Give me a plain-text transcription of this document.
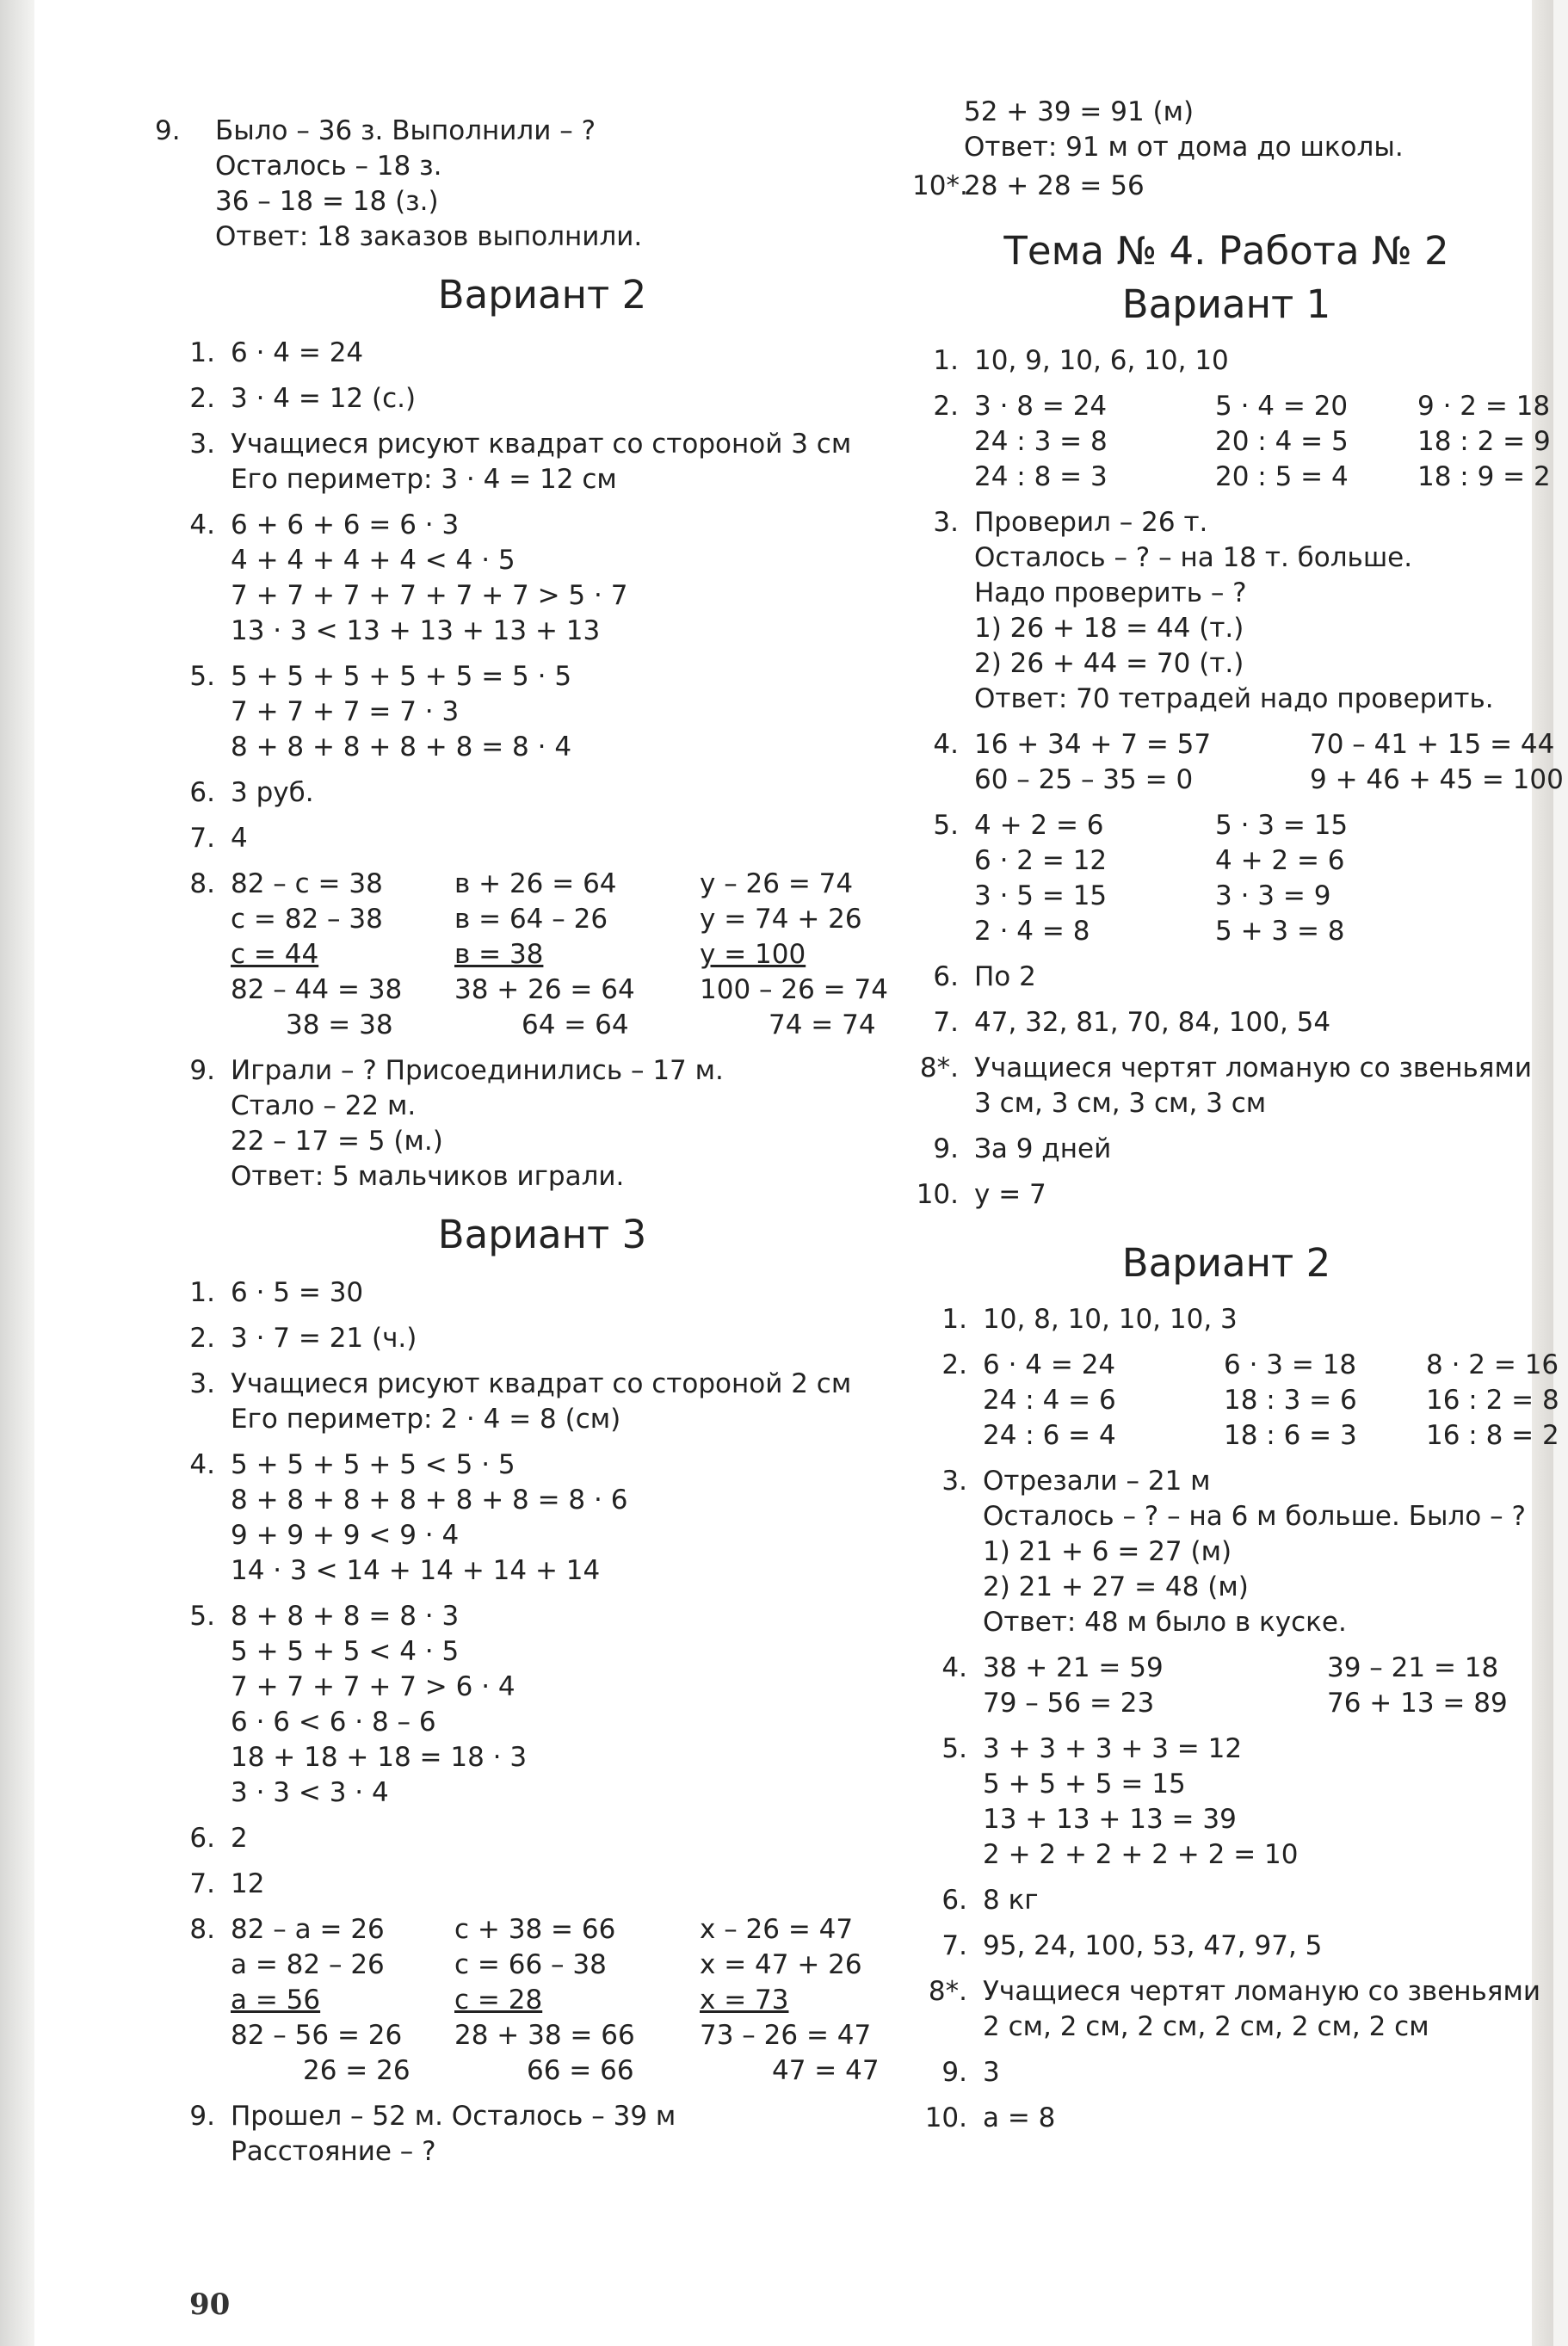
9.	Было – 36 з. Выполнили – ?
Осталось – 18 з.
36 – 18 = 18 (з.)
Ответ: 18 заказов выполнили.
Вариант 2
1. 6 · 4 = 24
2. 3 · 4 = 12 (с.)
3. Учащиеся рисуют квадрат со стороной 3 см
Его периметр: 3 · 4 = 12 см
4. 6 + 6 + 6 = 6 · 3
4 + 4 + 4 + 4 < 4 · 5
7 + 7 + 7 + 7 + 7 + 7 > 5 · 7
13 · 3 < 13 + 13 + 13 + 13
5. 5 + 5 + 5 + 5 + 5 = 5 · 5
7 + 7 + 7 = 7 · 3
8 + 8 + 8 + 8 + 8 = 8 · 4
6. 3 руб.
7. 4
8. 82 – с = 38
с = 82 – 38
с = 44
82 – 44 = 38
38 = 38
в + 26 = 64
в = 64 – 26
в = 38
38 + 26 = 64
64 = 64
у – 26 = 74
у = 74 + 26
у = 100
100 – 26 = 74
74 = 74
9. Играли – ? Присоединились – 17 м.
Стало – 22 м.
22 – 17 = 5 (м.)
Ответ: 5 мальчиков играли.
Вариант 3
1. 6 · 5 = 30
2. 3 · 7 = 21 (ч.)
3. Учащиеся рисуют квадрат со стороной 2 см
Его периметр: 2 · 4 = 8 (см)
4. 5 + 5 + 5 + 5 < 5 · 5
8 + 8 + 8 + 8 + 8 + 8 = 8 · 6
9 + 9 + 9 < 9 · 4
14 · 3 < 14 + 14 + 14 + 14
5. 8 + 8 + 8 = 8 · 3
5 + 5 + 5 < 4 · 5
7 + 7 + 7 + 7 > 6 · 4
6 · 6 < 6 · 8 – 6
18 + 18 + 18 = 18 · 3
3 · 3 < 3 · 4
6. 2
7. 12
8. 82 – а = 26
а = 82 – 26
а = 56
82 – 56 = 26
26 = 26
с + 38 = 66
с = 66 – 38
с = 28
28 + 38 = 66
66 = 66
х – 26 = 47
х = 47 + 26
х = 73
73 – 26 = 47
47 = 47
9. Прошел – 52 м. Осталось – 39 м
Расстояние – ?
52 + 39 = 91 (м)
Ответ: 91 м от дома до школы.
10*.
28 + 28 = 56
Тема № 4. Работа № 2
Вариант 1
1. 10, 9, 10, 6, 10, 10
2. 3 · 8 = 24
24 : 3 = 8
24 : 8 = 3
5 · 4 = 20
20 : 4 = 5
20 : 5 = 4
9 · 2 = 18
18 : 2 = 9
18 : 9 = 2
3. Проверил – 26 т.
Осталось – ? – на 18 т. больше.
Надо проверить – ?
1) 26 + 18 = 44 (т.)
2) 26 + 44 = 70 (т.)
Ответ: 70 тетрадей надо проверить.
4. 16 + 34 + 7 = 57
60 – 25 – 35 = 0
70 – 41 + 15 = 44
9 + 46 + 45 = 100
5. 4 + 2 = 6
6 · 2 = 12
3 · 5 = 15
2 · 4 = 8
5 · 3 = 15
4 + 2 = 6
3 · 3 = 9
5 + 3 = 8
6. По 2
7. 47, 32, 81, 70, 84, 100, 54
8*. Учащиеся чертят ломаную со звеньями
3 см, 3 см, 3 см, 3 см
9. За 9 дней
10. у = 7
Вариант 2
1. 10, 8, 10, 10, 10, 3
2. 6 · 4 = 24
24 : 4 = 6
24 : 6 = 4
6 · 3 = 18
18 : 3 = 6
18 : 6 = 3
8 · 2 = 16
16 : 2 = 8
16 : 8 = 2
3. Отрезали – 21 м
Осталось – ? – на 6 м больше. Было – ?
1) 21 + 6 = 27 (м)
2) 21 + 27 = 48 (м)
Ответ: 48 м было в куске.
4. 38 + 21 = 59
79 – 56 = 23
39 – 21 = 18
76 + 13 = 89
5. 3 + 3 + 3 + 3 = 12
5 + 5 + 5 = 15
13 + 13 + 13 = 39
2 + 2 + 2 + 2 + 2 = 10
6. 8 кг
7. 95, 24, 100, 53, 47, 97, 5
8*. Учащиеся чертят ломаную со звеньями
2 см, 2 см, 2 см, 2 см, 2 см, 2 см
9. 3
10. а = 8
90
